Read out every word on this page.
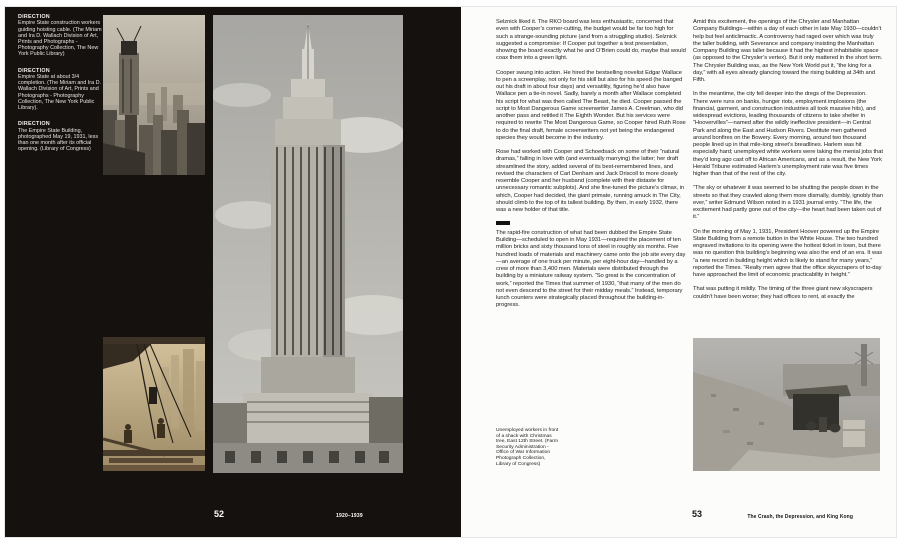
DIRECTION
Empire State construction workers guiding hoisting cable. (The Miriam and Ira D. Wallach Division of Art, Prints and Photographs - Photography Collection, The New York Public Library)
DIRECTION
Empire State at about 3/4 completion. (The Miriam and Ira D. Wallach Division of Art, Prints and Photographs - Photography Collection, The New York Public Library).
DIRECTION
The Empire State Building, photographed May 19, 1931, less than one month after its official opening. (Library of Congress)
52	1920–1939

Selznick liked it. The RKO board was less enthusiastic, concerned that even with Cooper’s corner-cutting, the budget would be far too high for such a strange-sounding picture (and from a struggling studio). Selznick suggested a compromise: If Cooper put together a test presentation, showing the board exactly what he and O’Brien could do, maybe that would coax them into a green light.

Cooper swung into action. He hired the bestselling novelist Edgar Wallace to pen a screenplay, not only for his skill but also for his speed (he banged out his draft in about four days) and versatility, figuring he’d also have Wallace pen a tie-in novel. Sadly, barely a month after Wallace completed his script for what was then called The Beast, he died. Cooper passed the script to Most Dangerous Game screenwriter James A. Creelman, who did another pass and retitled it The Eighth Wonder. But his services were required to rewrite The Most Dangerous Game, so Cooper hired Ruth Rose to do the final draft, female screenwriters not yet being the endangered species they would become in the industry.

Rose had worked with Cooper and Schoedsack on some of their “natural dramas,” falling in love with (and eventually marrying) the latter; her draft streamlined the story, added several of its best-remembered lines, and revised the characters of Carl Denham and Jack Driscoll to more closely resemble Cooper and her husband (complete with their distaste for unnecessary romantic subplots). And she fine-tuned the picture’s climax, in which, Cooper had decided, the giant primate, running amuck in The City, should climb to the top of its tallest building. By then, in early 1932, there was a new holder of that title.

The rapid-fire construction of what had been dubbed the Empire State Building—scheduled to open in May 1931—required the placement of ten million bricks and sixty thousand tons of steel in roughly six months. Five hundred loads of materials and machinery came onto the job site every day—an average of one truck per minute, per eight-hour day—handled by a crew of more than 3,400 men. Materials were distributed through the building by a miniature railway system. “So great is the concentration of work,” reported the Times that summer of 1930, “that many of the men do not even descend to the street for their midday meals.” Instead, temporary lunch counters were strategically placed throughout the building-in-progress.

Amid this excitement, the openings of the Chrysler and Manhattan Company Buildings—within a day of each other in late May 1930—couldn’t help but feel anticlimactic. A controversy had raged over which was truly the taller building, with Severance and company insisting the Manhattan Company Building was taller because it had the highest inhabitable space (as opposed to the Chrysler’s vertex). But it only mattered in the short term. The Chrysler Building was, as the New York World put it, “the king for a day,” with all eyes already glancing toward the rising building at 34th and Fifth.

In the meantime, the city fell deeper into the dregs of the Depression. There were runs on banks, hunger riots, employment implosions (the financial, garment, and construction industries all took massive hits), and widespread evictions, leading thousands of citizens to take shelter in “Hoovervilles”—named after the wildly ineffective president—in Central Park and along the East and Hudson Rivers. Destitute men gathered around bonfires on the Bowery. Every morning, around two thousand people lined up in that mile-long street’s breadlines. Harlem was hit especially hard; unemployed white workers were taking the menial jobs that they’d long ago cast off to African Americans, and as a result, the New York Herald Tribune estimated Harlem’s unemployment rate was five times higher than that of the rest of the city.

“The sky or whatever it was seemed to be shutting the people down in the streets so that they crawled along them more dismally, dumbly, ignobly than ever,” writer Edmund Wilson noted in a 1931 journal entry. “The life, the excitement had partly gone out of the city—the heart had been taken out of it.”

On the morning of May 1, 1931, President Hoover powered up the Empire State Building from a remote button in the White House. The two hundred engraved invitations to its opening were the hottest ticket in town, but there was no question this building’s beginning was also the end of an era. It was “a new record in building height which is likely to stand for many years,” reported the Times. “Realty men agree that the office skyscrapers of to-day have approached the limit of economic practicability in height.”

That was putting it mildly. The timing of the three giant new skyscrapers couldn’t have been worse; they had offices to rent, at exactly the

Unemployed workers in front of a shack with Christmas tree, East 12th Street. (Farm Security Administration - Office of War Information Photograph Collection, Library of Congress)
53	The Crash, the Depression, and King Kong
